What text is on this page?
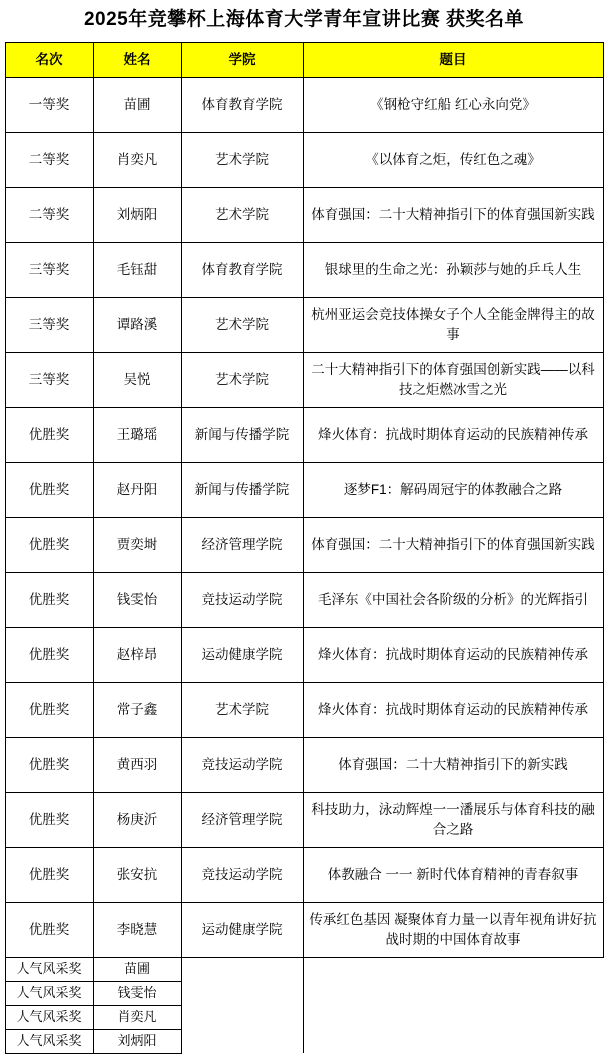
2025年竞攀杯上海体育大学青年宣讲比赛 获奖名单
名次	姓名	学院	题目
一等奖	苗圃	体育教育学院	《钢枪守红船 红心永向党》
二等奖	肖奕凡	艺术学院	《以体育之炬，传红色之魂》
二等奖	刘炳阳	艺术学院	体育强国：二十大精神指引下的体育强国新实践
三等奖	毛钰甜	体育教育学院	银球里的生命之光：孙颖莎与她的乒乓人生
三等奖	谭路溪	艺术学院	杭州亚运会竞技体操女子个人全能金牌得主的故事
三等奖	吴悦	艺术学院	二十大精神指引下的体育强国创新实践——以科技之炬燃冰雪之光
优胜奖	王璐瑶	新闻与传播学院	烽火体育：抗战时期体育运动的民族精神传承
优胜奖	赵丹阳	新闻与传播学院	逐梦F1：解码周冠宇的体教融合之路
优胜奖	贾奕埘	经济管理学院	体育强国：二十大精神指引下的体育强国新实践
优胜奖	钱雯怡	竞技运动学院	毛泽东《中国社会各阶级的分析》的光辉指引
优胜奖	赵梓昂	运动健康学院	烽火体育：抗战时期体育运动的民族精神传承
优胜奖	常子鑫	艺术学院	烽火体育：抗战时期体育运动的民族精神传承
优胜奖	黄西羽	竞技运动学院	体育强国：二十大精神指引下的新实践
优胜奖	杨庚沂	经济管理学院	科技助力，泳动辉煌一一潘展乐与体育科技的融合之路
优胜奖	张安抗	竞技运动学院	体教融合 一一 新时代体育精神的青春叙事
优胜奖	李晓慧	运动健康学院	传承红色基因 凝聚体育力量一以青年视角讲好抗战时期的中国体育故事
人气风采奖	苗圃		
人气风采奖	钱雯怡		
人气风采奖	肖奕凡		
人气风采奖	刘炳阳		
